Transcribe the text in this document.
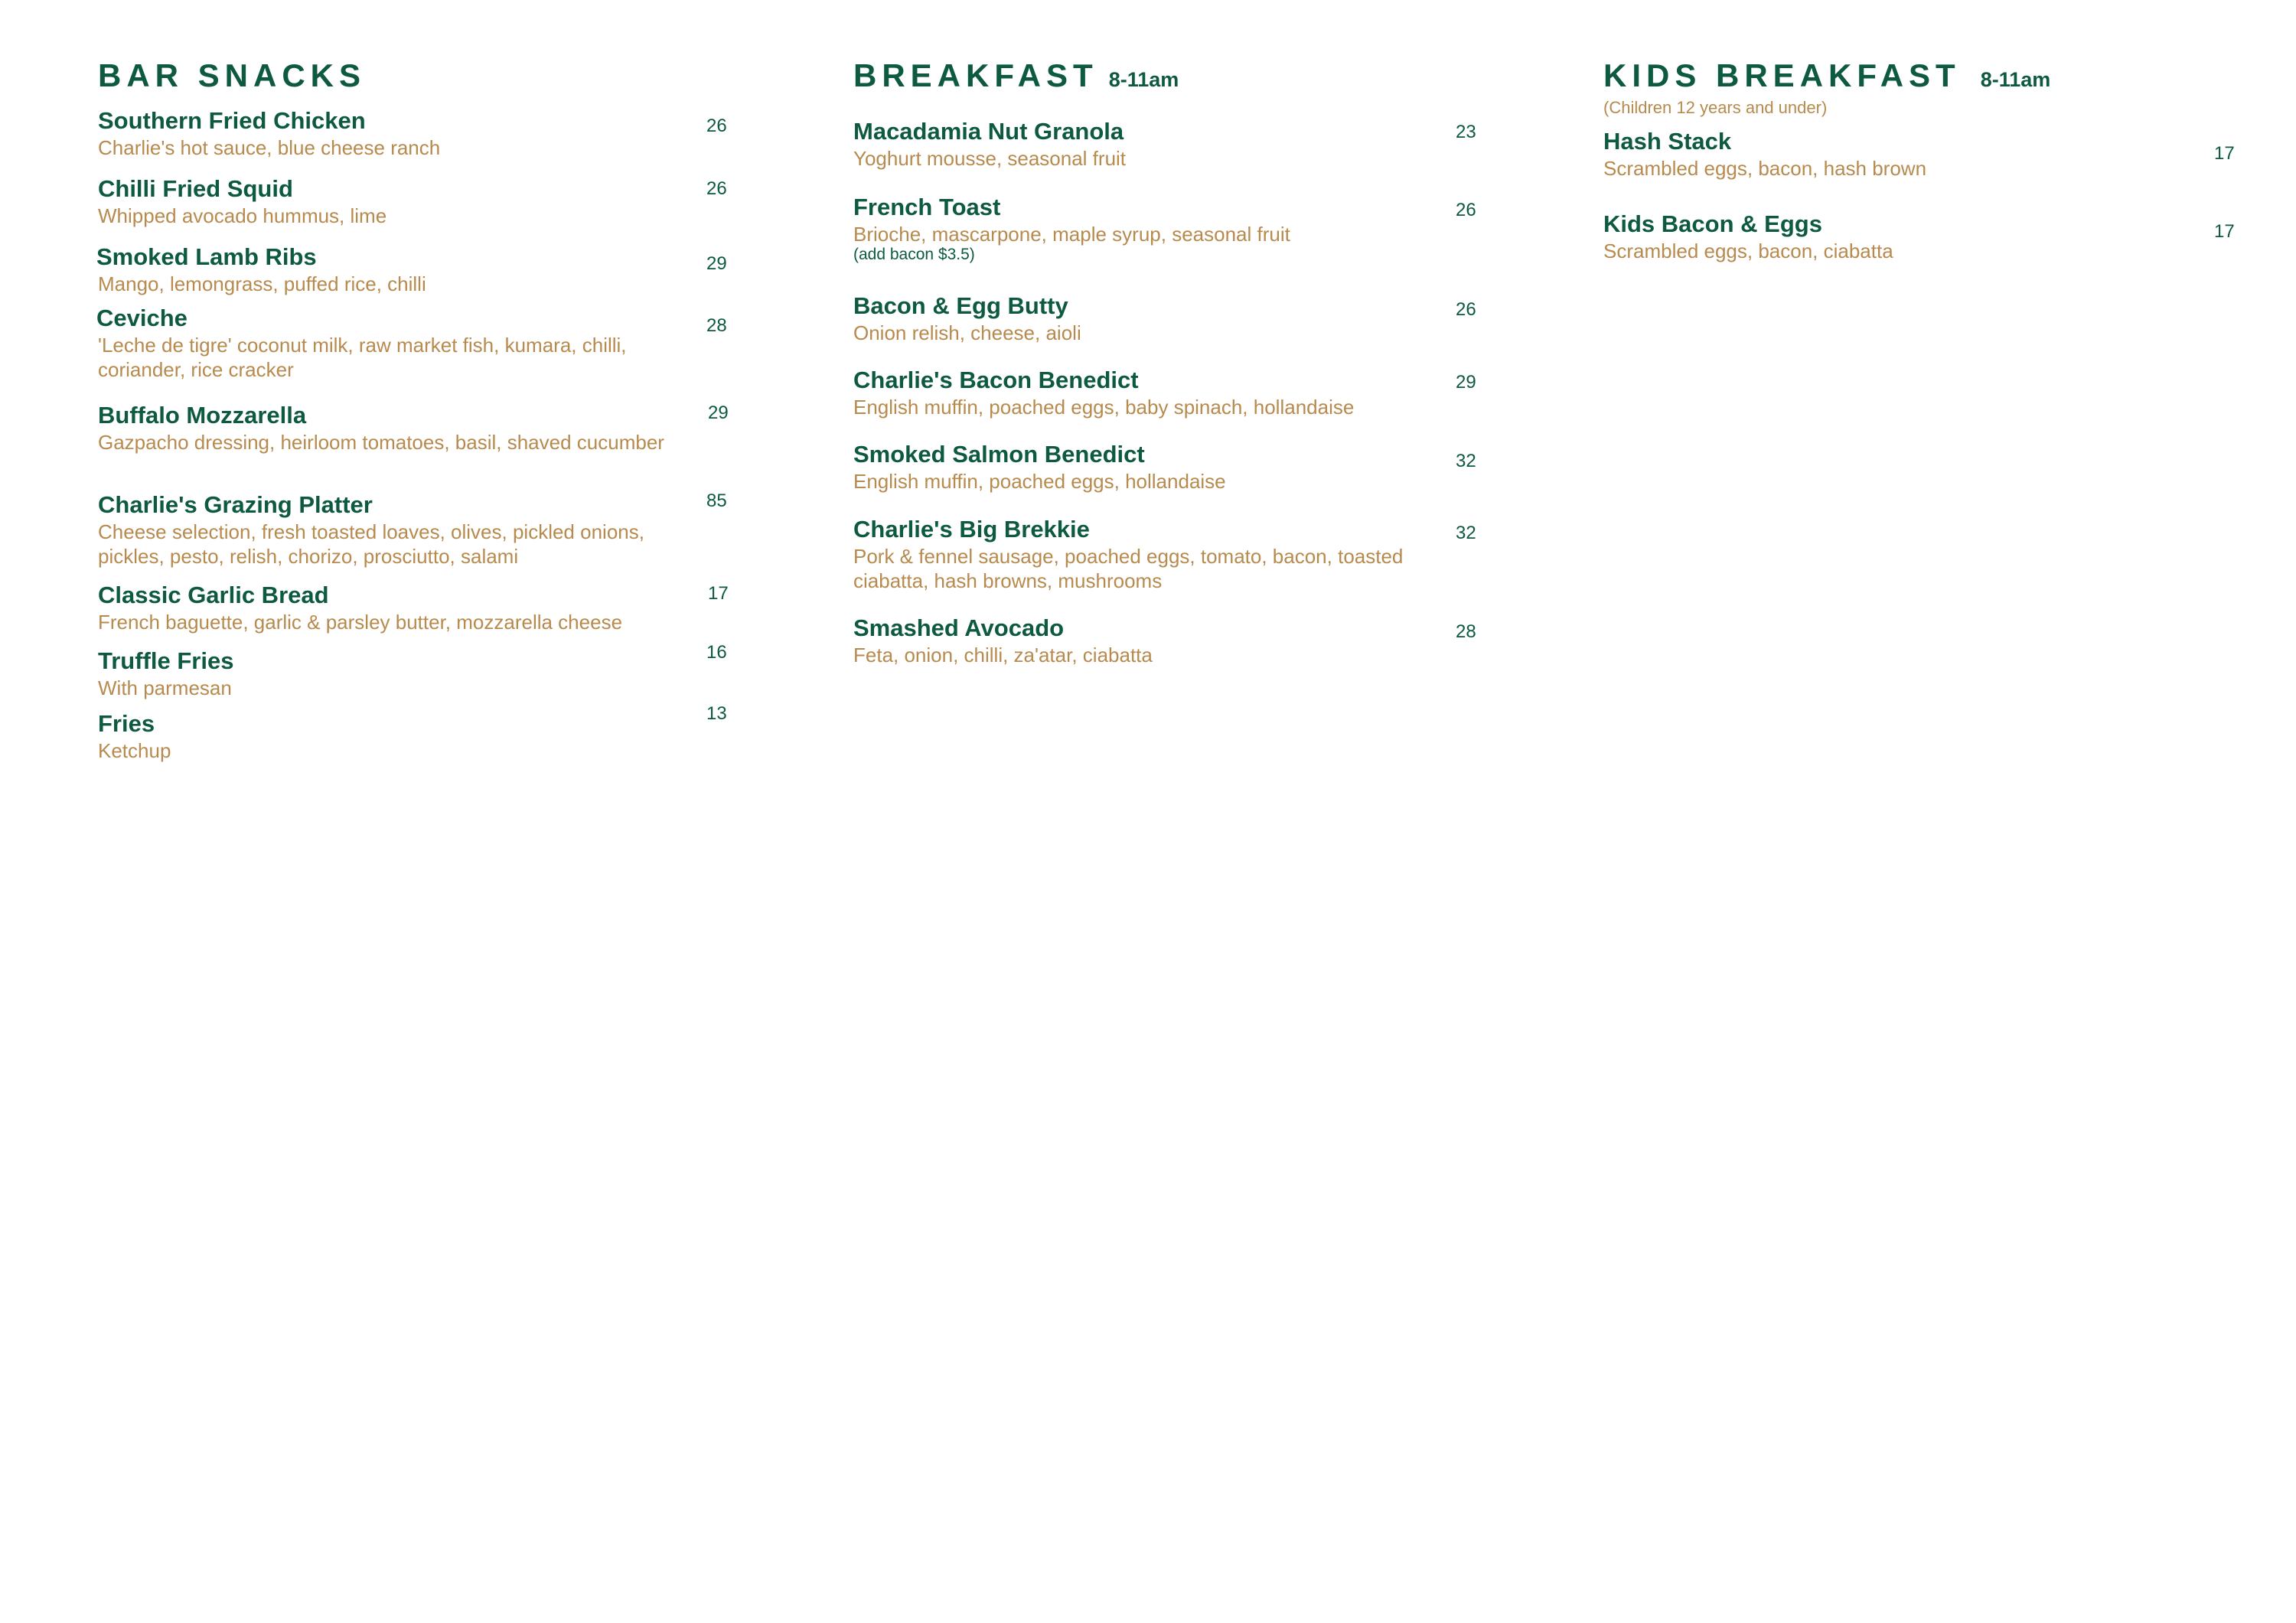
BAR SNACKS
Southern Fried Chicken
Charlie's hot sauce, blue cheese ranch
26
Chilli Fried Squid
Whipped avocado hummus, lime
26
Smoked Lamb Ribs
Mango, lemongrass, puffed rice, chilli
29
Ceviche
'Leche de tigre' coconut milk, raw market fish, kumara, chilli, coriander, rice cracker
28
Buffalo Mozzarella
Gazpacho dressing, heirloom tomatoes, basil, shaved cucumber
29
Charlie's Grazing Platter
Cheese selection, fresh toasted loaves, olives, pickled onions, pickles, pesto, relish, chorizo, prosciutto, salami
85
Classic Garlic Bread
French baguette, garlic & parsley butter, mozzarella cheese
17
Truffle Fries
With parmesan
16
Fries
Ketchup
13
BREAKFAST 8-11am
Macadamia Nut Granola
Yoghurt mousse, seasonal fruit
23
French Toast
Brioche, mascarpone, maple syrup, seasonal fruit
(add bacon $3.5)
26
Bacon & Egg Butty
Onion relish, cheese, aioli
26
Charlie's Bacon Benedict
English muffin, poached eggs, baby spinach, hollandaise
29
Smoked Salmon Benedict
English muffin, poached eggs, hollandaise
32
Charlie's Big Brekkie
Pork & fennel sausage, poached eggs, tomato, bacon, toasted ciabatta, hash browns, mushrooms
32
Smashed Avocado
Feta, onion, chilli, za'atar, ciabatta
28
KIDS BREAKFAST 8-11am
(Children 12 years and under)
Hash Stack
Scrambled eggs, bacon, hash brown
17
Kids Bacon & Eggs
Scrambled eggs, bacon, ciabatta
17
